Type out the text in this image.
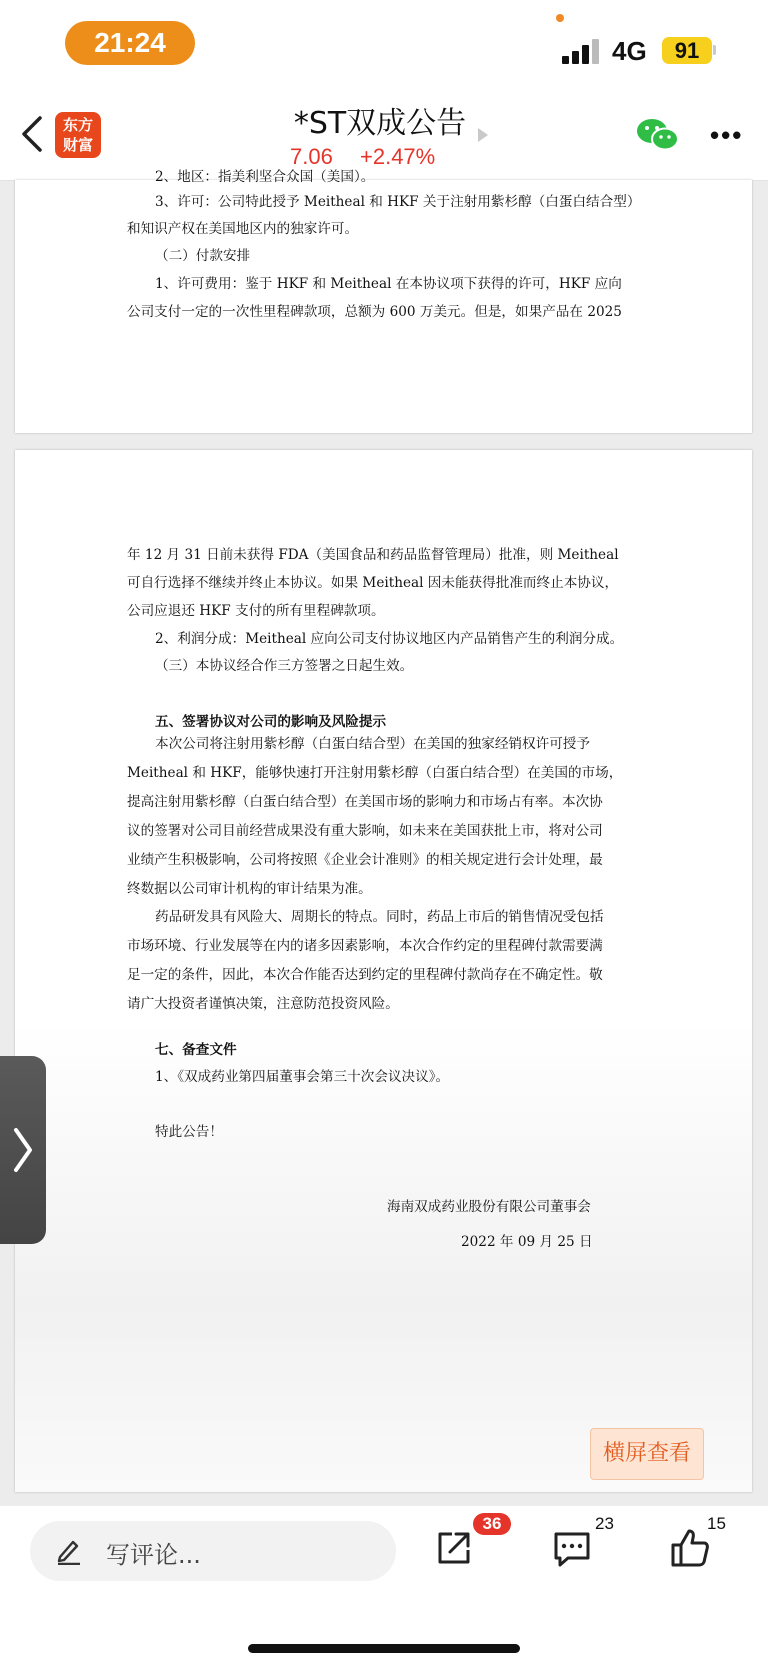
21:24	4G	91
东方
财富
*ST双成公告
7.06 +2.47%
•••
2、地区：指美利坚合众国（美国）。
3、许可：公司特此授予 Meitheal 和 HKF 关于注射用紫杉醇（白蛋白结合型）
和知识产权在美国地区内的独家许可。
（二）付款安排
1、许可费用：鉴于 HKF 和 Meitheal 在本协议项下获得的许可，HKF 应向
公司支付一定的一次性里程碑款项，总额为 600 万美元。但是，如果产品在 2025
年 12 月 31 日前未获得 FDA（美国食品和药品监督管理局）批准，则 Meitheal
可自行选择不继续并终止本协议。如果 Meitheal 因未能获得批准而终止本协议，
公司应退还 HKF 支付的所有里程碑款项。
2、利润分成：Meitheal 应向公司支付协议地区内产品销售产生的利润分成。
（三）本协议经合作三方签署之日起生效。
五、签署协议对公司的影响及风险提示
本次公司将注射用紫杉醇（白蛋白结合型）在美国的独家经销权许可授予
Meitheal 和 HKF，能够快速打开注射用紫杉醇（白蛋白结合型）在美国的市场，
提高注射用紫杉醇（白蛋白结合型）在美国市场的影响力和市场占有率。本次协
议的签署对公司目前经营成果没有重大影响，如未来在美国获批上市，将对公司
业绩产生积极影响，公司将按照《企业会计准则》的相关规定进行会计处理，最
终数据以公司审计机构的审计结果为准。
药品研发具有风险大、周期长的特点。同时，药品上市后的销售情况受包括
市场环境、行业发展等在内的诸多因素影响，本次合作约定的里程碑付款需要满
足一定的条件，因此，本次合作能否达到约定的里程碑付款尚存在不确定性。敬
请广大投资者谨慎决策，注意防范投资风险。
七、备查文件
1、《双成药业第四届董事会第三十次会议决议》。
特此公告！
海南双成药业股份有限公司董事会
2022 年 09 月 25 日
横屏查看
写评论...
36	23	15
